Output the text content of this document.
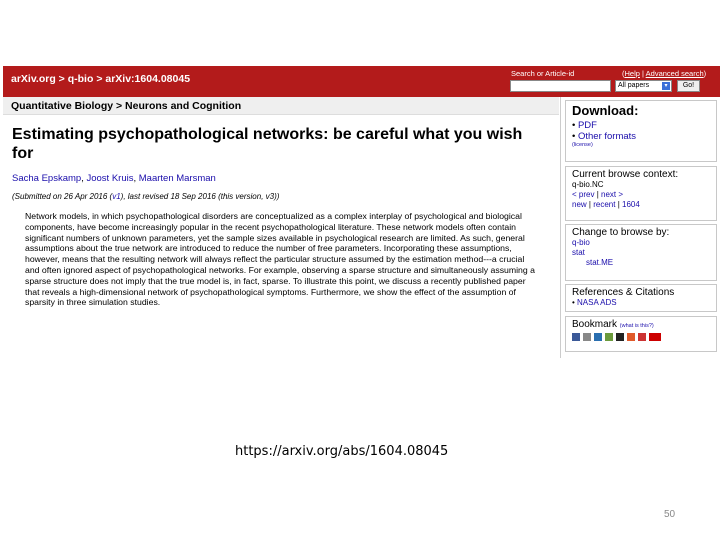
arXiv.org > q-bio > arXiv:1604.08045	Search or Article-id	(Help | Advanced search)
All papers	▾	Go!
Quantitative Biology > Neurons and Cognition
Estimating psychopathological networks: be careful what you wish for
Sacha Epskamp, Joost Kruis, Maarten Marsman
(Submitted on 26 Apr 2016 (v1), last revised 18 Sep 2016 (this version, v3))
Network models, in which psychopathological disorders are conceptualized as a complex interplay of psychological and biological components, have become increasingly popular in the recent psychopathological literature. These network models often contain significant numbers of unknown parameters, yet the sample sizes available in psychological research are limited. As such, general assumptions about the true network are introduced to reduce the number of free parameters. Incorporating these assumptions, however, means that the resulting network will always reflect the particular structure assumed by the estimation method---a crucial and often ignored aspect of psychopathological networks. For example, observing a sparse structure and simultaneously assuming a sparse structure does not imply that the true model is, in fact, sparse. To illustrate this point, we discuss a recently published paper that reveals a high-dimensional network of psychopathological symptoms. Furthermore, we show the effect of the assumption of sparsity in three simulation studies.
Download:
• PDF
• Other formats
(license)
Current browse context:
q-bio.NC
< prev | next >
new | recent | 1604
Change to browse by:
q-bio
stat
stat.ME
References & Citations
• NASA ADS
Bookmark (what is this?)
https://arxiv.org/abs/1604.08045
50
